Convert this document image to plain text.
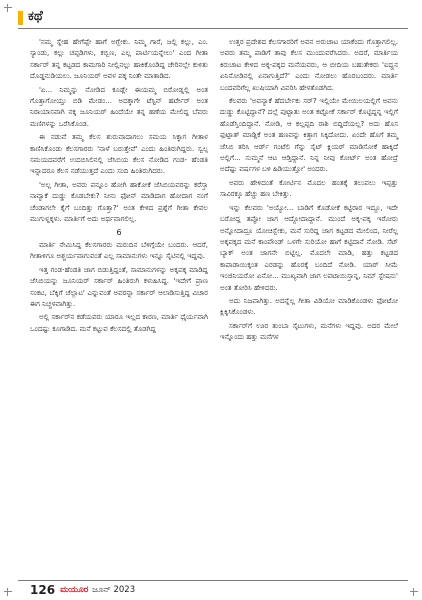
ಕಥೆ

'ನಮ್ಮ ಸ್ನೇಹ ಹೇಗೆಪ್ಪೇ ಹಾಗೆ ಅಗ್ಬೇಕು. ನಿಮ್ಮ ಗಾರೆ, ಜಲ್ಲಿ ಕಲ್ಲು, ಎಂ. ಸ್ಯಾಂಡು, ಕಲ್ಲು ಚಪ್ಪಡಿಗಳು, ಕಬ್ಬಿಣ, ಎಲ್ಲ ಪಾರ್ಟಿಯನ್ನೇಲು' ಎಂದ ಗೀತಾ ಸರ್ಕಾರ್ ತನ್ನ ಕಟ್ಟಡದ ಕಾಮಗಾರಿ ನೀಲ್ಲಿನಲ್ಲು ಹಾಕಿಕೊಂಡಿದ್ದ ಚೇರಿನಲ್ಲೇ ಕುಳಿತು ದೊಡ್ಡನುಡಿಯಲು. ಜೂನಿಯರ್ ಅವಳ ಪಕ್ಕ ನಿಂತೇ ಮಾತಾಡಿದ.

'ಏ... ನಿಮ್ಮನ್ನು ನೋಡಿದ ಕೂಡ್ಲೇ ಈಯಮ್ಮ ಬಿರೋಡ್ನಲ್ಲಿ ಅಂತ ಗೊತ್ತಾಗೋಯ್ತು ಬಿಡಿ ಮೇಡಂ... ಅದಕ್ಕಾಗೇ ಟೆಸ್ಟಿನ್ ಹರ್ಟೇರ್ ಅಂತ ನಿರಾಯಾಸವಾಗಿ ನಕ್ಕ ಜೂನಿಯರ್ ಹಿಂದೆಯೇ ತನ್ನ ಹಣೆಯ ಮೇಲಿದ್ದ ಬೆವರು ಮಣಿಗಳನ್ನು ಒರೆಸಿಕೊಂಡ.

ಈ ನಡುವೆ ತಮ್ಮ ಕೆಲಸ ಶುರುವಾದಾಗಲು ಸಮಯ ಸಿಕ್ಕಾಗ ಗೀತಾಳ ಕಾಣಿಸಿಕೊಂಡು ಕೆಲಸಗಾರರು 'ನಾಳೆ ಬರುತ್ತೇವೆ' ಎಂದು ಹಿಂತಿರುಗಿದ್ದರು. ಸ್ವಲ್ಪ ಸಮಯದವರೆಗೆ ಉದಬಿಸಿಲಿನಲ್ಲಿ ಜೆಸಿಬಿಯ ಕೆಲಸ ನೋಡಿದ ಗಂಡ- ಹೆಂಡತಿ ಇನ್ನಾದರೂ ಕೆಲಸ ನಡೆಯುತ್ತದೆ ಎಂದು ಸಂದಿ ಹಿಂತಿರುಗಿದರು.

'ಅಲ್ಲ ಗೀತಾ, ಅವರು ಪನ್ನೂಂ ಹೋಗಿ ಹಾಕೋಕೆ ಜೆಸಿಬಿಯವರನ್ನು ಕರೆಸ್ತಾ ನಾವ್ಯಾಕೆ ದುಡ್ಡು ಕೊಡಬೇಕು? ನೀನು ಫೋನ್ ಮಾಡಿದಾಗ ಹೋದಾಗ ನಂಗೆ ಚೆಂಡಾಗಲೇ ಕೈಗೆ ಬಂದಿತ್ತು ಗೊತ್ತಾ?' ಅಂತ ಕೇಳಿದ ಪ್ರಶ್ನೆಗೆ ಗೀತಾ ಕೇವಲ ಮುಗುಳ್ನಕ್ಕಳು. ಮಾರ್ತಿಗೆ ಅದು ಅರ್ಥವಾಗಲಿಲ್ಲ.

6

ಮಾರ್ತಿ ನೇಮಿಸಿದ್ದ ಕೆಲಸಗಾರರು ಮರುದಿನ ಬೆಳಿಗ್ಗೆಯೇ ಬಂದರು. ಆದರೆ, ಗೀತಾಳಿಗೂ ಅಶ್ಚರ್ಯವಾಗುವಂತೆ ಎಲ್ಲ ಸಾಮಾನುಗಳು ಇನ್ನೂ ಸೈಟಿನಲ್ಲಿ ಇದ್ದವು.

ಇತ್ತ ಗಂಡ-ಹೆಂಡತಿ ಜಾಗ ಬಿಡುತ್ತಿದ್ದಂತೆ, ಸಾಮಾನುಗಳನ್ನು ಅಕ್ಕಪಕ್ಕ ಮಾಡಿದ್ದ ಜೆಸಿಬಿಯನ್ನು ಜೂನಿಯರ್ ಸರ್ಕಾರ್ ಹಿಂತಿರುಗಿ ಕಳುಹಿಸಿದ್ದ. 'ಇದೇಗೆ ಪ್ರಾಣ ಸಂಕಟ, ಬೆಕ್ಕಿಗೆ ಚೆಲ್ಲಾಟ' ಎನ್ನುವಂತೆ ಅವರನ್ನಾ ಸರ್ಕಾರ್ ಆಲಾಡಿಸುತ್ತಿದ್ದ ವಿಚಾರ ಈಗ ನಿಚ್ಚಳವಾಗಿತ್ತು.

ಅಲ್ಲಿ ಸರ್ಕಾರ್‌ನ ಕಡೆಯವರು ಯಾರೂ ಇಲ್ಲದ ಕಾರಣ, ಮಾರ್ತಿ ಧೈರ್ಯವಾಗಿ ಒಂದಷ್ಟು ಕೂಗಾಡಿದ. ಮನೆ ಕಟ್ಟುವ ಕೆಲಸದಲ್ಲಿ ತೊಡಗಿದ್ದ

ಉತ್ತರ ಪ್ರದೇಶದ ಕೆಲಸಗಾರರಿಗೆ ಅವನ ಅರುಚಾಟ ಯಾಕೆಂದು ಗೊತ್ತಾಗಲಿಲ್ಲ. ಅವರು ತಮ್ಮ ಪಾಡಿಗೆ ತಾವು ಕೆಲಸ ಮುಂದುವರೆಸಿದರು. ಅದರೆ, ಮಾರ್ತಿಯ ಕಿರುಚಾಟ ಕೇಳಿದ ಅಕ್ಕ-ಪಕ್ಕದ ಮನೆಯವರು, ಆ ಬೀದಿಯ ಬಹುತೇಕರು 'ಐದ್ಹನ ಏನಿನೋಡಿನಲ್ಲಿ ಏನಾಗುತ್ತಿದೆ?' ಎಂದು ನೋಡಲು ಹೊರಬಂದರು. ಮಾರ್ತಿ ಬಂದವರಿಗೆಲ್ಲ ಖುಷಿಯಾಗಿ ವಿವರಿಸಿ ಹೇಳತೊಡಗಿದ.

ಕೆಲವರು 'ಅವನ್ಯಾಕೆ ಹೆದರ್ಬೇಕು ಸರ್? ಇಲ್ಲಿಯೇ ಮೇಯಿಲಯಲ್ಲಿಗೆ ಅವನು ದುಡ್ಡು ಕೊಟ್ಟಿದ್ದಾನೆ? ದಲ್ಲೆ ಪುಟ್ಟಾತು ಅಂತ ಕಟ್ಟೋಕೆ ಸರ್ಕಾರ್ ಕೊಟ್ಟಿದ್ದನ್ನ ಇಲ್ಲಿಗೆ ಹೊಡೆಸ್ತಿಂದಿದ್ದಾನೆ. ನೋಡಿ, ಆ ಕಲ್ಲಪ್ಪದಿ ರಾಶಿ ಬಿದ್ದಿದೆಯಲ್ಲ? ಅದು ಹೊಸ ಫುಟ್ಪಾತ್ ಮಾಡ್ಲಿಕೆ ಅಂತ ಹಣವನ್ನು ಕಿತ್ತಾಗ ಸಿಕ್ಕಿದೋದು. ಏಂದೇ ಹೊಗೆ ತಮ್ಮ ಜೆಸಿಬಿ ತರಿಸಿ ಆರ್ಡ್ ಗಂಟೆಲಿ ಗೆನ್ನು ಸೈಟ್ ಕ್ಲಿಯರ್ ಮಾಡಿಸೋಕೆ ಹಾಕ್ಕಿದೆ ಅಲ್ಲಿಗೆ... ಸುಮ್ಮನೆ ಆಟ ಆಡ್ತಿದ್ದಾನೆ. ನಿನ್ನ ನೀವು ಕೋರ್ಟ್ ಅಂತ ಹೋದ್ರೆ ಅದೆಷ್ಟು ವರ್ಷಗಳ ಬಳಿ ಹಿಡಿಯುತ್ತೋ' ಅಂದರು.

ಅವರು ಹೇಳಿದಂತೆ ಕೋರ್ಟಿನ ಮೊದಲ ಹಂತಕ್ಕೆ ತಲುಪಲು ಇಪ್ಪತ್ತು ಸಾವಿರಕ್ಕೂ ಹೆಚ್ಚು ಹಣ ಬೇಕಿತ್ತು.

ಇನ್ನು ಕೆಲವರು 'ಅಯ್ಯೋ... ಬಾಡಿಗೆ ಕೊಡೋಕೆ ಕಟ್ಟಿರಾರ ಇದ್ದೂ, ಇದೇ ಬರೋದ್ದ ತಪ್ಪೋ ಜಾಗ ಆದ್ದೋದಾದ್ದಾನೆ. ಮುಂದೆ ಅಕ್ಕ-ಪಕ್ಕ ಇರೋರು ಅನ್ನೋದಾದ್ರೂ ಯೋಚಿಸ್ಬೇಕು, ಮನೆ ಸುರಿದ್ದ ಜಾಗ ಕಟ್ಟಡದ ಮೇಲಿಂದ, ನೀರೆಲ್ಲ ಅಕ್ಕಪಕ್ಕದ ಮನೆ ಕಾಂಪೌಂಡ್ ಒಳಗೇ ಸುರಿಯೋ ಹಾಗೆ ಕಟ್ಟಿದಾನೆ ನೋಡಿ. ಸೆಟ್ ಬ್ಯಾಕ್ ಅಂತ ಜಾಗನೇ ಬಿಟ್ಟಿಲ್ಲ. ಮೊದಲೇ ಮಾಡಿ, ಹತ್ತು ಕಟ್ಟಡದ ಕಾಪಾಡಾಯಿಕ್ಕಂತ ಎರಡನ್ನು ಹೊರಕ್ಕೆ ಬಂದಿದೆ ನೋಡಿ. ಯಾರ್ ಸೀಮೆ ಇಂಜಿನಿಯರೋ ಏನೋ... ಮುಖ್ಯವಾಗಿ ಜಾಗ ಲಪಟಾಯಿಸ್ತಾನ್ನ, ನಿಮ್ ಸ್ಟೇಷನು' ಅಂತ ತೋರಿಸಿ ಹೇಳಿದರು.

ಅದು ನಿಜವಾಗಿತ್ತು. ಅದನ್ನೆಲ್ಲ ಗೀತಾ ವಿಡಿಯೋ ಮಾಡಿಕೊಂಡಳು ಫೋಟೋ ಕ್ಲಿಕ್ಕಿಸಿಕೊಂಡಳು.

ಸರ್ಕಾರ್‌ಗೆ ಊರ ತುಂಬಾ ಸೈಟುಗಳು, ಮನೆಗಳು ಇದ್ದವು. ಅದರ ಮೇಲೆ ಇನ್ನೊಂದು ಹತ್ತು ಮನೆಗಳ

126 ಮಯೂರ ಜೂನ್ 2023
